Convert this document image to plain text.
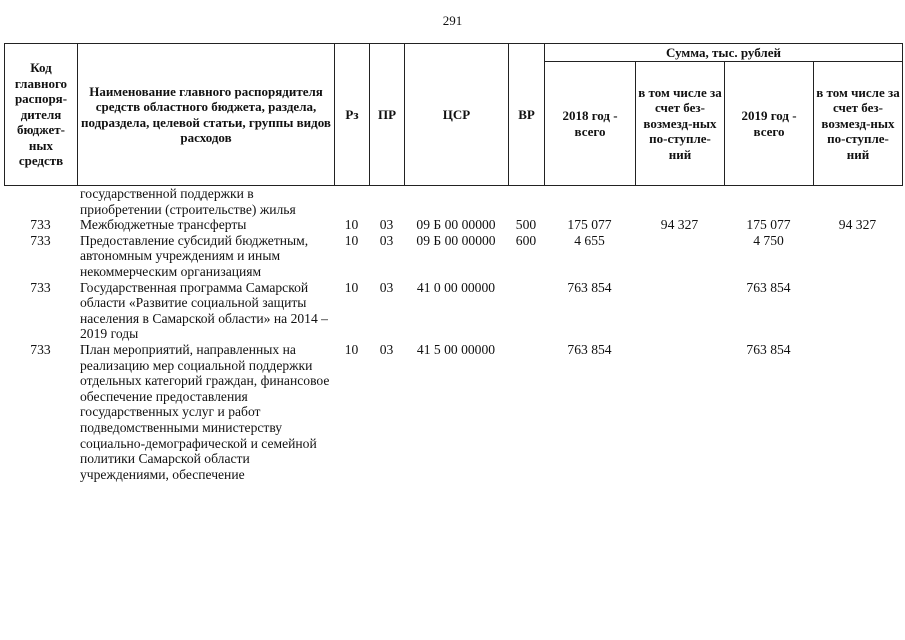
291
Код главного распоря-дителя бюджет-ных средств	Наименование главного распорядителя средств областного бюджета, раздела, подраздела, целевой статьи, группы видов расходов	Рз	ПР	ЦСР	ВР	Сумма, тыс. рублей			
						2018 год - всего	в том числе за счет без-возмезд-ных по-ступле-ний	2019 год - всего	в том числе за счет без-возмезд-ных по-ступле-ний
	государственной поддержки в приобретении (строительстве) жилья								
733	Межбюджетные трансферты	10	03	09 Б 00 00000	500	175 077	94 327	175 077	94 327
733	Предоставление субсидий бюджетным, автономным учреждениям и иным некоммерческим организациям	10	03	09 Б 00 00000	600	4 655		4 750	
733	Государственная программа Самарской области «Развитие социальной защиты населения в Самарской области» на 2014 – 2019 годы	10	03	41 0 00 00000		763 854		763 854	
733	План мероприятий, направленных на реализацию мер социальной поддержки отдельных категорий граждан, финансовое обеспечение предоставления государственных услуг и работ подведомственными министерству социально-демографической и семейной политики Самарской области учреждениями, обеспечение	10	03	41 5 00 00000		763 854		763 854	
